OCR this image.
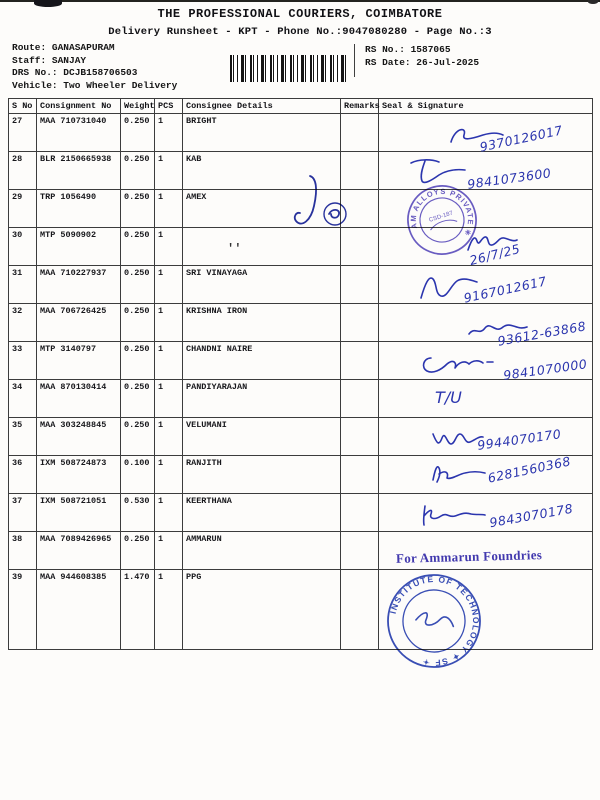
THE PROFESSIONAL COURIERS, COIMBATORE
Delivery Runsheet - KPT - Phone No.:9047080280 - Page No.:3
Route: GANASAPURAM
Staff: SANJAY
DRS No.: DCJB158706503
Vehicle: Two Wheeler Delivery
RS No.: 1587065
RS Date: 26-Jul-2025
S No	Consignment No	Weight	PCS	Consignee Details	Remarks	Seal & Signature
27	MAA 710731040	0.250	1	BRIGHT		9370126017

28	BLR 2150665938	0.250	1	KAB		9841073600

29	TRP 1056490	0.250	1	AMEX		
30	MTP 5090902	0.250	1	''		26/7/25

31	MAA 710227937	0.250	1	SRI VINAYAGA		9167012617

32	MAA 706726425	0.250	1	KRISHNA IRON		93612-63868

33	MTP 3140797	0.250	1	CHANDNI NAIRE		9841070000

34	MAA 870130414	0.250	1	PANDIYARAJAN		T/U

35	MAA 303248845	0.250	1	VELUMANI		9944070170

36	IXM 508724873	0.100	1	RANJITH		6281560368

37	IXM 508721051	0.530	1	KEERTHANA		9843070178

38	MAA 7089426965	0.250	1	AMMARUN		
39	MAA 944608385	1.470	1	PPG		
AM ALLOYS PRIVATE ✳
CSD-187
For Ammarun Foundries
INSTITUTE OF TECHNOLOGY ✦ SF ✦
